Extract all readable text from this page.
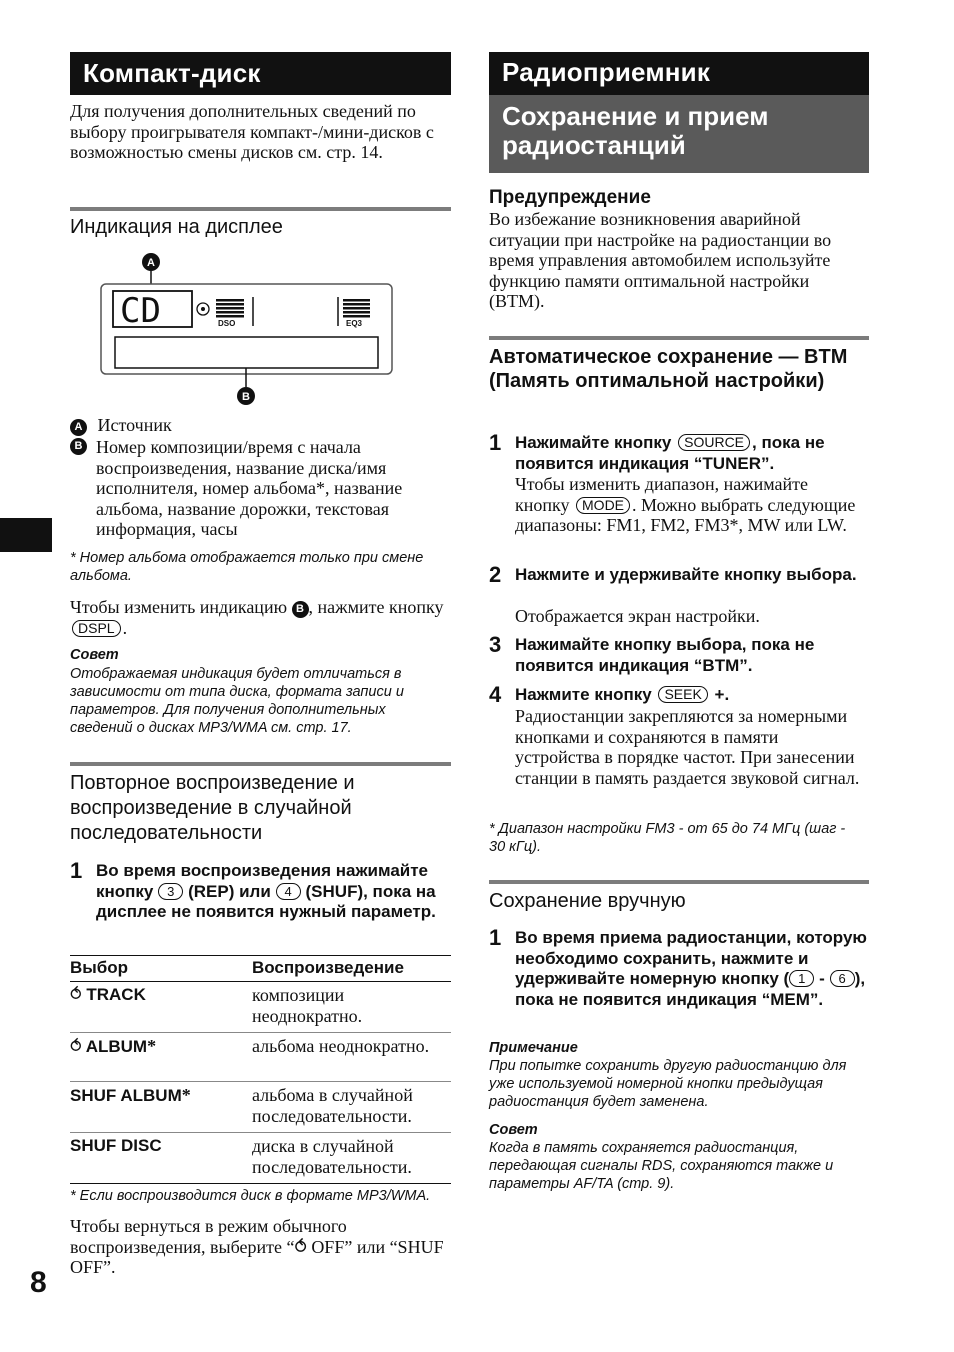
Компакт-диск
Для получения дополнительных сведений по выбору проигрывателя компакт-/мини-дисков с возможностью смены дисков см. стр. 14.
Индикация на дисплее
A
CD	DSO	EQ3
B
A Источник
B Номер композиции/время с начала воспроизведения, название диска/имя исполнителя, номер альбома*, название альбома, название дорожки, текстовая информация, часы
* Номер альбома отображается только при смене альбома.
Чтобы изменить индикацию B , нажмите кнопку DSPL .
Совет
Отображаемая индикация будет отличаться в зависимости от типа диска, формата записи и параметров. Для получения дополнительных сведений о дисках MP3/WMA см. стр. 17.
Повторное воспроизведение и воспроизведение в случайной последовательности
1 Во время воспроизведения нажимайте кнопку 3 (REP) или 4 (SHUF), пока на дисплее не появится нужный параметр.
Выбор	Воспроизведение
⥀ TRACK	композиции неоднократно.
⥀ ALBUM*	альбома неоднократно.
SHUF ALBUM*	альбома в случайной последовательности.
SHUF DISC	диска в случайной последовательности.
* Если воспроизводится диск в формате MP3/WMA.
Чтобы вернуться в режим обычного воспроизведения, выберите “⥀ OFF” или “SHUF OFF”.
8
Радиоприемник
Сохранение и прием радиостанций
Предупреждение
Во избежание возникновения аварийной ситуации при настройке на радиостанции во время управления автомобилем используйте функцию памяти оптимальной настройки (BTM).
Автоматическое сохранение — BTM (Память оптимальной настройки)
1 Нажимайте кнопку SOURCE , пока не появится индикация “TUNER”.
Чтобы изменить диапазон, нажимайте кнопку MODE . Можно выбрать следующие диапазоны: FM1, FM2, FM3*, MW или LW.
2 Нажмите и удерживайте кнопку выбора.
Отображается экран настройки.
3 Нажимайте кнопку выбора, пока не появится индикация “BTM”.
4 Нажмите кнопку SEEK +.
Радиостанции закрепляются за номерными кнопками и сохраняются в памяти устройства в порядке частот. При занесении станции в память раздается звуковой сигнал.
* Диапазон настройки FM3 - от 65 до 74 МГц (шаг - 30 кГц).
Сохранение вручную
1 Во время приема радиостанции, которую необходимо сохранить, нажмите и удерживайте номерную кнопку ( 1 - 6 ), пока не появится индикация “MEM”.
Примечание
При попытке сохранить другую радиостанцию для уже используемой номерной кнопки предыдущая радиостанция будет заменена.
Совет
Когда в память сохраняется радиостанция, передающая сигналы RDS, сохраняются также и параметры AF/TA (стр. 9).
